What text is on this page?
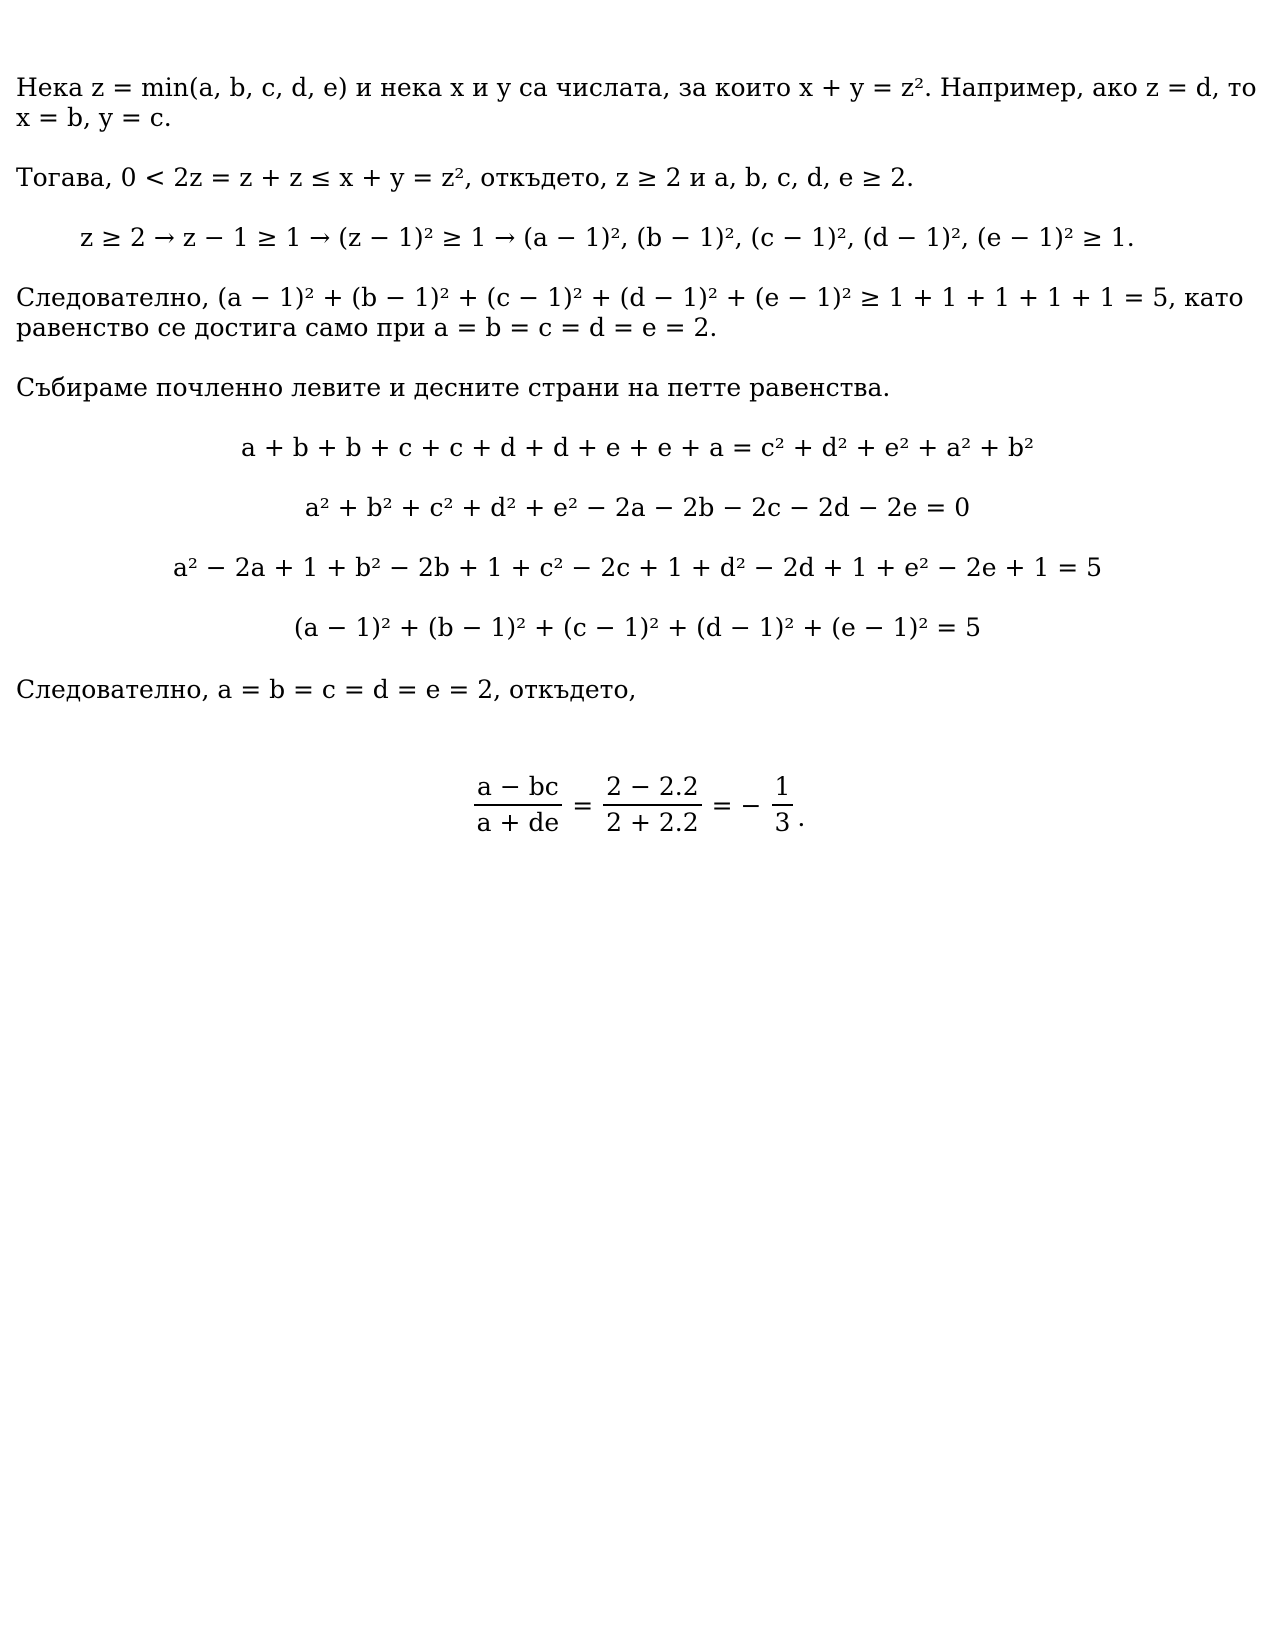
Нека z = min(a, b, c, d, e) и нека x и y са числата, за които x + y = z². Например, ако z = d, то
x = b, y = c.
Тогава, 0 < 2z = z + z ≤ x + y = z², откъдето, z ≥ 2 и a, b, c, d, e ≥ 2.
z ≥ 2 → z − 1 ≥ 1 → (z − 1)² ≥ 1 → (a − 1)², (b − 1)², (c − 1)², (d − 1)², (e − 1)² ≥ 1.
Следователно, (a − 1)² + (b − 1)² + (c − 1)² + (d − 1)² + (e − 1)² ≥ 1 + 1 + 1 + 1 + 1 = 5, като
равенство се достига само при a = b = c = d = e = 2.
Събираме почленно левите и десните страни на петте равенства.
a + b + b + c + c + d + d + e + e + a = c² + d² + e² + a² + b²
a² + b² + c² + d² + e² − 2a − 2b − 2c − 2d − 2e = 0
a² − 2a + 1 + b² − 2b + 1 + c² − 2c + 1 + d² − 2d + 1 + e² − 2e + 1 = 5
(a − 1)² + (b − 1)² + (c − 1)² + (d − 1)² + (e − 1)² = 5
Следователно, a = b = c = d = e = 2, откъдето,
$\frac{a - bc}{a + de} = \frac{2 - 2.2}{2 + 2.2}$ = − $\frac{1}{3}$ .
